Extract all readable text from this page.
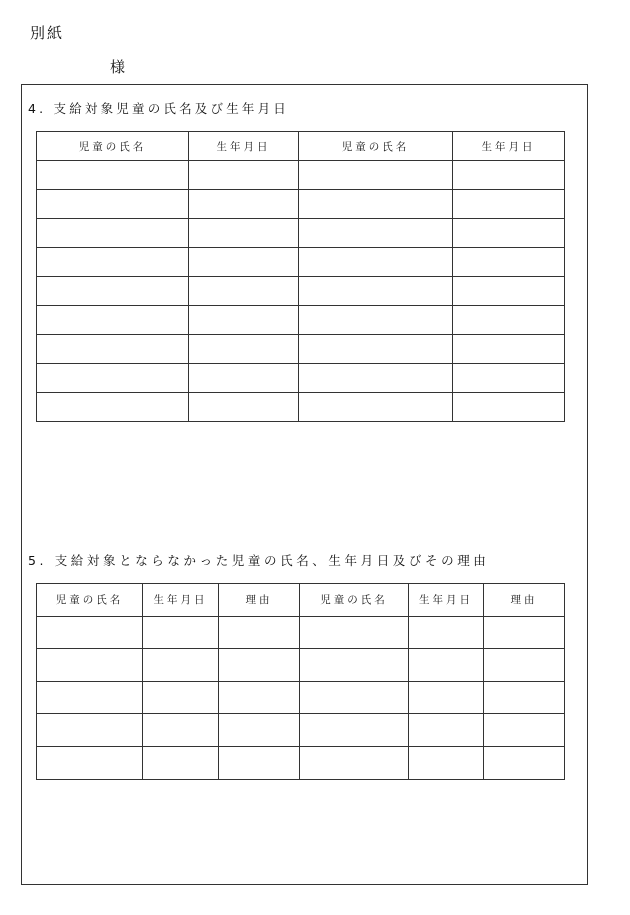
別紙
様
4. 支給対象児童の氏名及び生年月日
児童の氏名	生年月日	児童の氏名	生年月日

5. 支給対象とならなかった児童の氏名、生年月日及びその理由
児童の氏名	生年月日	理由	児童の氏名	生年月日	理由
